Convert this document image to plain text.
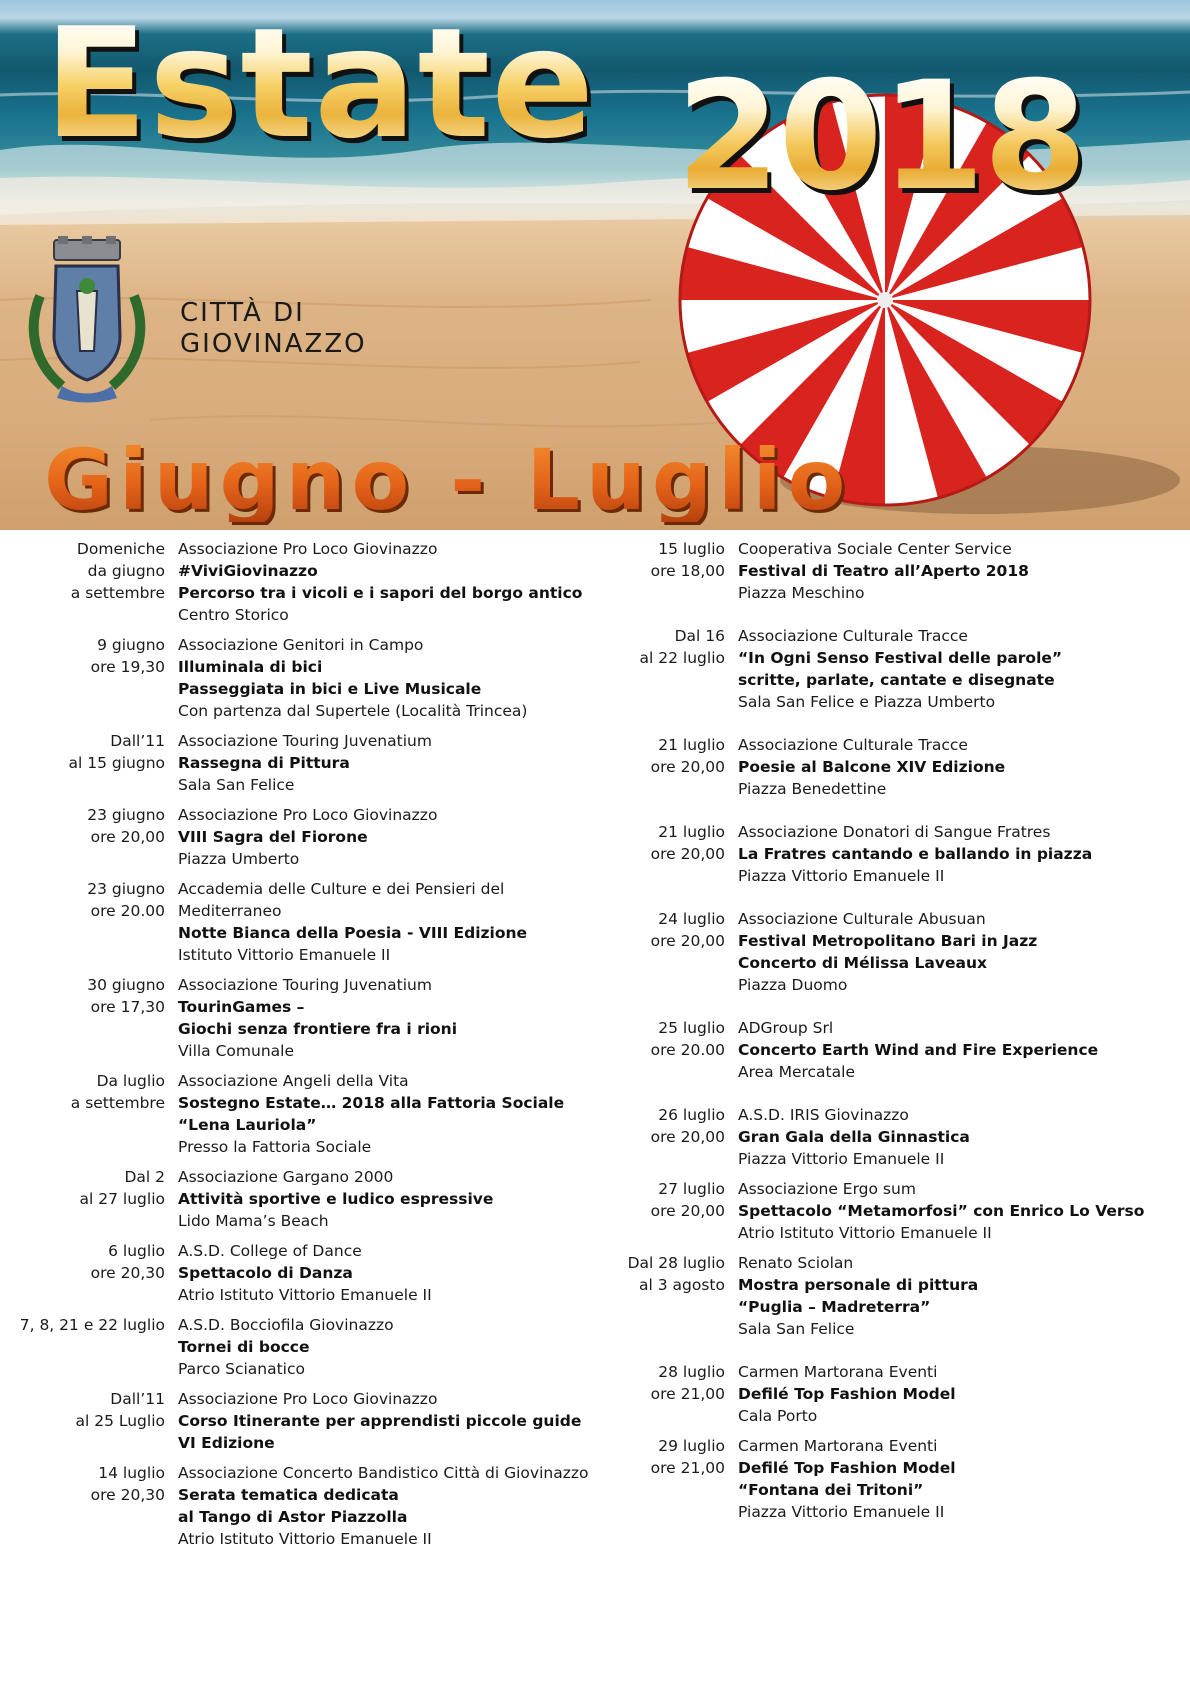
Estate 2018
CITTÀ DI
GIOVINAZZO
Giugno - Luglio
Domeniche
da giugno
a settembre
Associazione Pro Loco Giovinazzo
#ViviGiovinazzo
Percorso tra i vicoli e i sapori del borgo antico
Centro Storico
9 giugno
ore 19,30
Associazione Genitori in Campo
Illuminala di bici
Passeggiata in bici e Live Musicale
Con partenza dal Supertele (Località Trincea)
Dall’11
al 15 giugno
Associazione Touring Juvenatium
Rassegna di Pittura
Sala San Felice
23 giugno
ore 20,00
Associazione Pro Loco Giovinazzo
VIII Sagra del Fiorone
Piazza Umberto
23 giugno
ore 20.00
Accademia delle Culture e dei Pensieri del
Mediterraneo
Notte Bianca della Poesia - VIII Edizione
Istituto Vittorio Emanuele II
30 giugno
ore 17,30
Associazione Touring Juvenatium
TourinGames –
Giochi senza frontiere fra i rioni
Villa Comunale
Da luglio
a settembre
Associazione Angeli della Vita
Sostegno Estate… 2018 alla Fattoria Sociale
“Lena Lauriola”
Presso la Fattoria Sociale
Dal 2
al 27 luglio
Associazione Gargano 2000
Attività sportive e ludico espressive
Lido Mama’s Beach
6 luglio
ore 20,30
A.S.D. College of Dance
Spettacolo di Danza
Atrio Istituto Vittorio Emanuele II
7, 8, 21 e 22 luglio A.S.D. Bocciofila Giovinazzo
Tornei di bocce
Parco Scianatico
Dall’11
al 25 Luglio
Associazione Pro Loco Giovinazzo
Corso Itinerante per apprendisti piccole guide
VI Edizione
14 luglio
ore 20,30
Associazione Concerto Bandistico Città di Giovinazzo
Serata tematica dedicata
al Tango di Astor Piazzolla
Atrio Istituto Vittorio Emanuele II
15 luglio
ore 18,00
Cooperativa Sociale Center Service
Festival di Teatro all’Aperto 2018
Piazza Meschino
Dal 16
al 22 luglio
Associazione Culturale Tracce
“In Ogni Senso Festival delle parole”
scritte, parlate, cantate e disegnate
Sala San Felice e Piazza Umberto
21 luglio
ore 20,00
Associazione Culturale Tracce
Poesie al Balcone XIV Edizione
Piazza Benedettine
21 luglio
ore 20,00
Associazione Donatori di Sangue Fratres
La Fratres cantando e ballando in piazza
Piazza Vittorio Emanuele II
24 luglio
ore 20,00
Associazione Culturale Abusuan
Festival Metropolitano Bari in Jazz
Concerto di Mélissa Laveaux
Piazza Duomo
25 luglio
ore 20.00
ADGroup Srl
Concerto Earth Wind and Fire Experience
Area Mercatale
26 luglio
ore 20,00
A.S.D. IRIS Giovinazzo
Gran Gala della Ginnastica
Piazza Vittorio Emanuele II
27 luglio
ore 20,00
Associazione Ergo sum
Spettacolo “Metamorfosi” con Enrico Lo Verso
Atrio Istituto Vittorio Emanuele II
Dal 28 luglio
al 3 agosto
Renato Sciolan
Mostra personale di pittura
“Puglia – Madreterra”
Sala San Felice
28 luglio
ore 21,00
Carmen Martorana Eventi
Defilé Top Fashion Model
Cala Porto
29 luglio
ore 21,00
Carmen Martorana Eventi
Defilé Top Fashion Model
“Fontana dei Tritoni”
Piazza Vittorio Emanuele II
